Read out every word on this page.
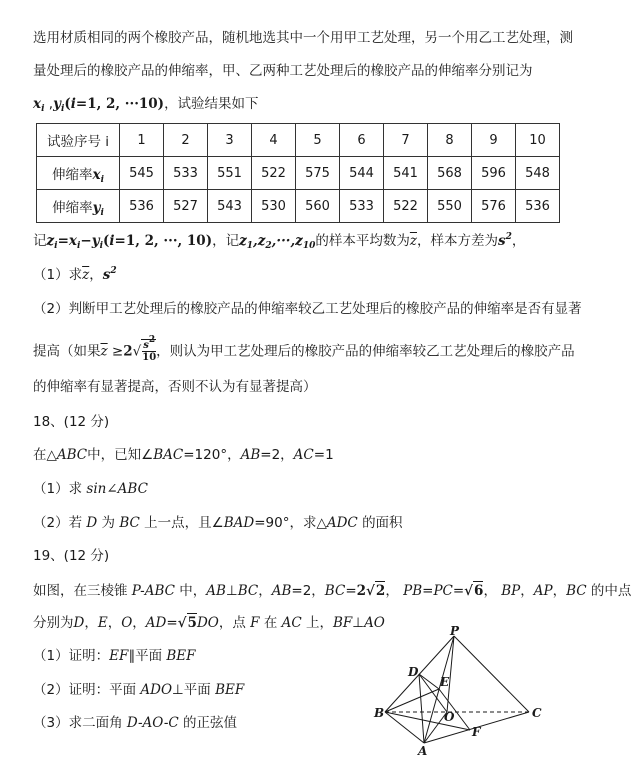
选用材质相同的两个橡胶产品，随机地选其中一个用甲工艺处理，另一个用乙工艺处理，测
量处理后的橡胶产品的伸缩率，甲、乙两种工艺处理后的橡胶产品的伸缩率分别记为
$x_i$ $,y_i(i=1$, 2, ···10)，试验结果如下
试验序号 i	1	2	3	4	5	6	7	8	9	10
伸缩率$x_i$	545	533	551	522	575	544	541	568	596	548
伸缩率$y_i$	536	527	543	530	560	533	522	550	576	536
记$z_i=x_i-y_i(i=1$, 2, ···, 10)，记$z_1,z_2,\cdot\cdot\cdot,z_{10}$的样本平均数为$\overline{z}$，样本方差为$s^2$，
（1）求$\overline{z}$，$s^2$
（2）判断甲工艺处理后的橡胶产品的伸缩率较乙工艺处理后的橡胶产品的伸缩率是否有显著
提高（如果$\overline{z} \ge 2√ \frac{s^2}{10}$ ，则认为甲工艺处理后的橡胶产品的伸缩率较乙工艺处理后的橡胶产品
的伸缩率有显著提高，否则不认为有显著提高）
18、(12 分)
在△ABC中，已知∠BAC=120°，AB=2，AC=1
（1）求 sin∠ABC
（2）若 D 为 BC 上一点，且∠BAD=90°，求△ADC 的面积
19、(12 分)
如图，在三棱锥 P-ABC 中，AB⊥BC，AB=2，BC=2√2， PB=PC=√6， BP，AP，BC 的中点
分别为D，E，O，AD=√5DO，点 F 在 AC 上，BF⊥AO
（1）证明：EF∥平面 BEF
（2）证明：平面 ADO⊥平面 BEF
（3）求二面角 D-AO-C 的正弦值
P
D
E
B	O	C
F
A
